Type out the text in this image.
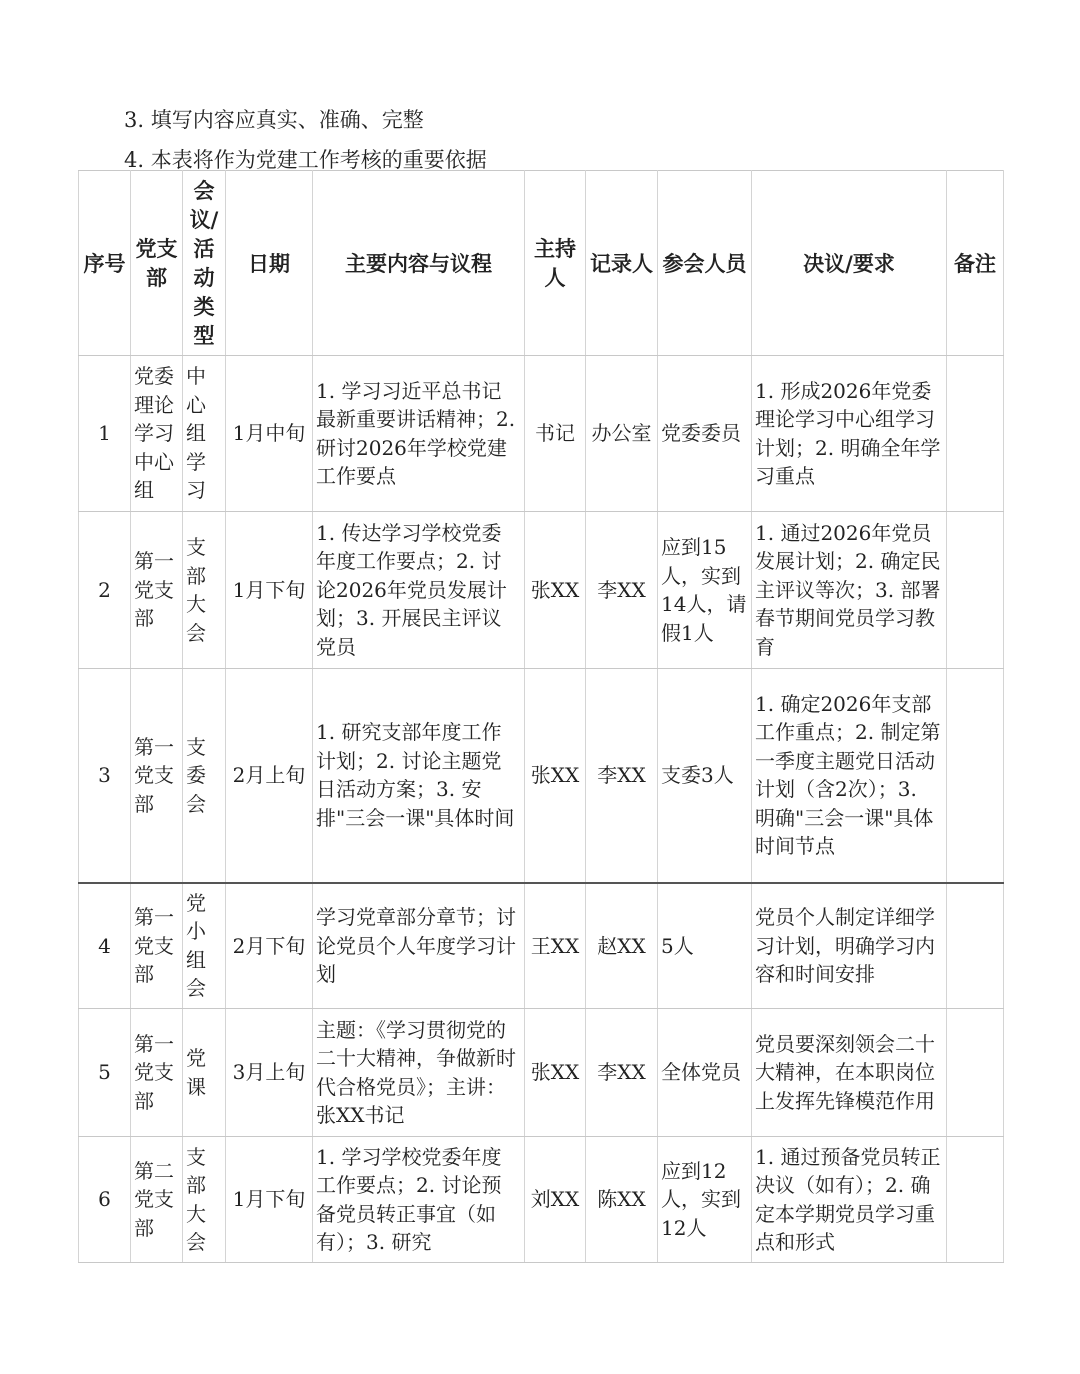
3. 填写内容应真实、准确、完整
4. 本表将作为党建工作考核的重要依据
序号	党支部	会议/活动类型	日期	主要内容与议程	主持人	记录人	参会人员	决议/要求	备注
1	党委理论学习中心组	中心组学习	1月中旬	1. 学习习近平总书记最新重要讲话精神；2. 研讨2026年学校党建工作要点	书记	办公室	党委委员	1. 形成2026年党委理论学习中心组学习计划；2. 明确全年学习重点	
2	第一党支部	支部大会	1月下旬	1. 传达学习学校党委年度工作要点；2. 讨论2026年党员发展计划；3. 开展民主评议党员	张XX	李XX	应到15人，实到14人，请假1人	1. 通过2026年党员发展计划；2. 确定民主评议等次；3. 部署春节期间党员学习教育	
3	第一党支部	支委会	2月上旬	1. 研究支部年度工作计划；2. 讨论主题党日活动方案；3. 安排"三会一课"具体时间	张XX	李XX	支委3人	1. 确定2026年支部工作重点；2. 制定第一季度主题党日活动计划（含2次）；3. 明确"三会一课"具体时间节点	
4	第一党支部	党小组会	2月下旬	学习党章部分章节；讨论党员个人年度学习计划	王XX	赵XX	5人	党员个人制定详细学习计划，明确学习内容和时间安排	
5	第一党支部	党课	3月上旬	主题：《学习贯彻党的二十大精神，争做新时代合格党员》；主讲：张XX书记	张XX	李XX	全体党员	党员要深刻领会二十大精神，在本职岗位上发挥先锋模范作用	
6	第二党支部	支部大会	1月下旬	1. 学习学校党委年度工作要点；2. 讨论预备党员转正事宜（如有）；3. 研究	刘XX	陈XX	应到12人，实到12人	1. 通过预备党员转正决议（如有）；2. 确定本学期党员学习重点和形式	
